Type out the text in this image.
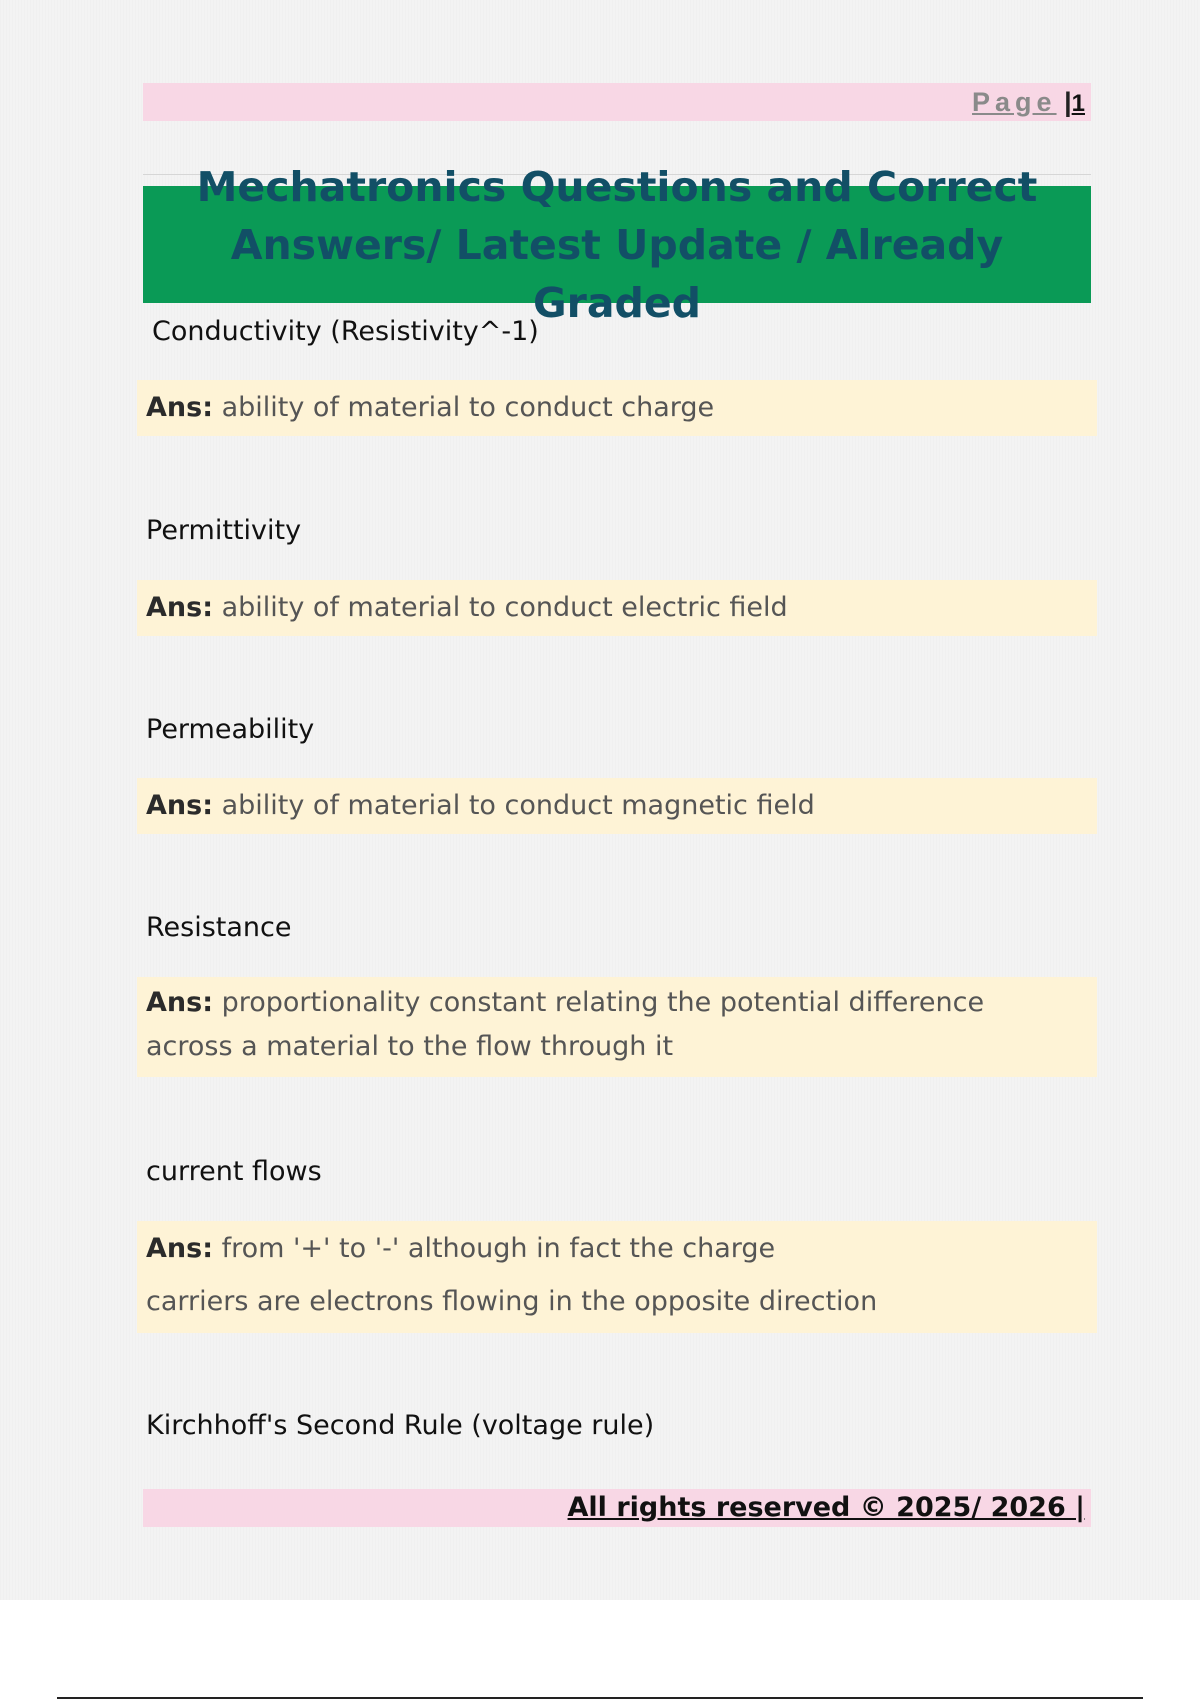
Page |1
Mechatronics Questions and Correct
Answers/ Latest Update / Already Graded
Conductivity (Resistivity^-1)
Ans: ability of material to conduct charge
Permittivity
Ans: ability of material to conduct electric field
Permeability
Ans: ability of material to conduct magnetic field
Resistance
Ans: proportionality constant relating the potential difference
across a material to the flow through it
current flows
Ans: from '+' to '-' although in fact the charge
carriers are electrons flowing in the opposite direction
Kirchhoff's Second Rule (voltage rule)
All rights reserved © 2025/ 2026 |
